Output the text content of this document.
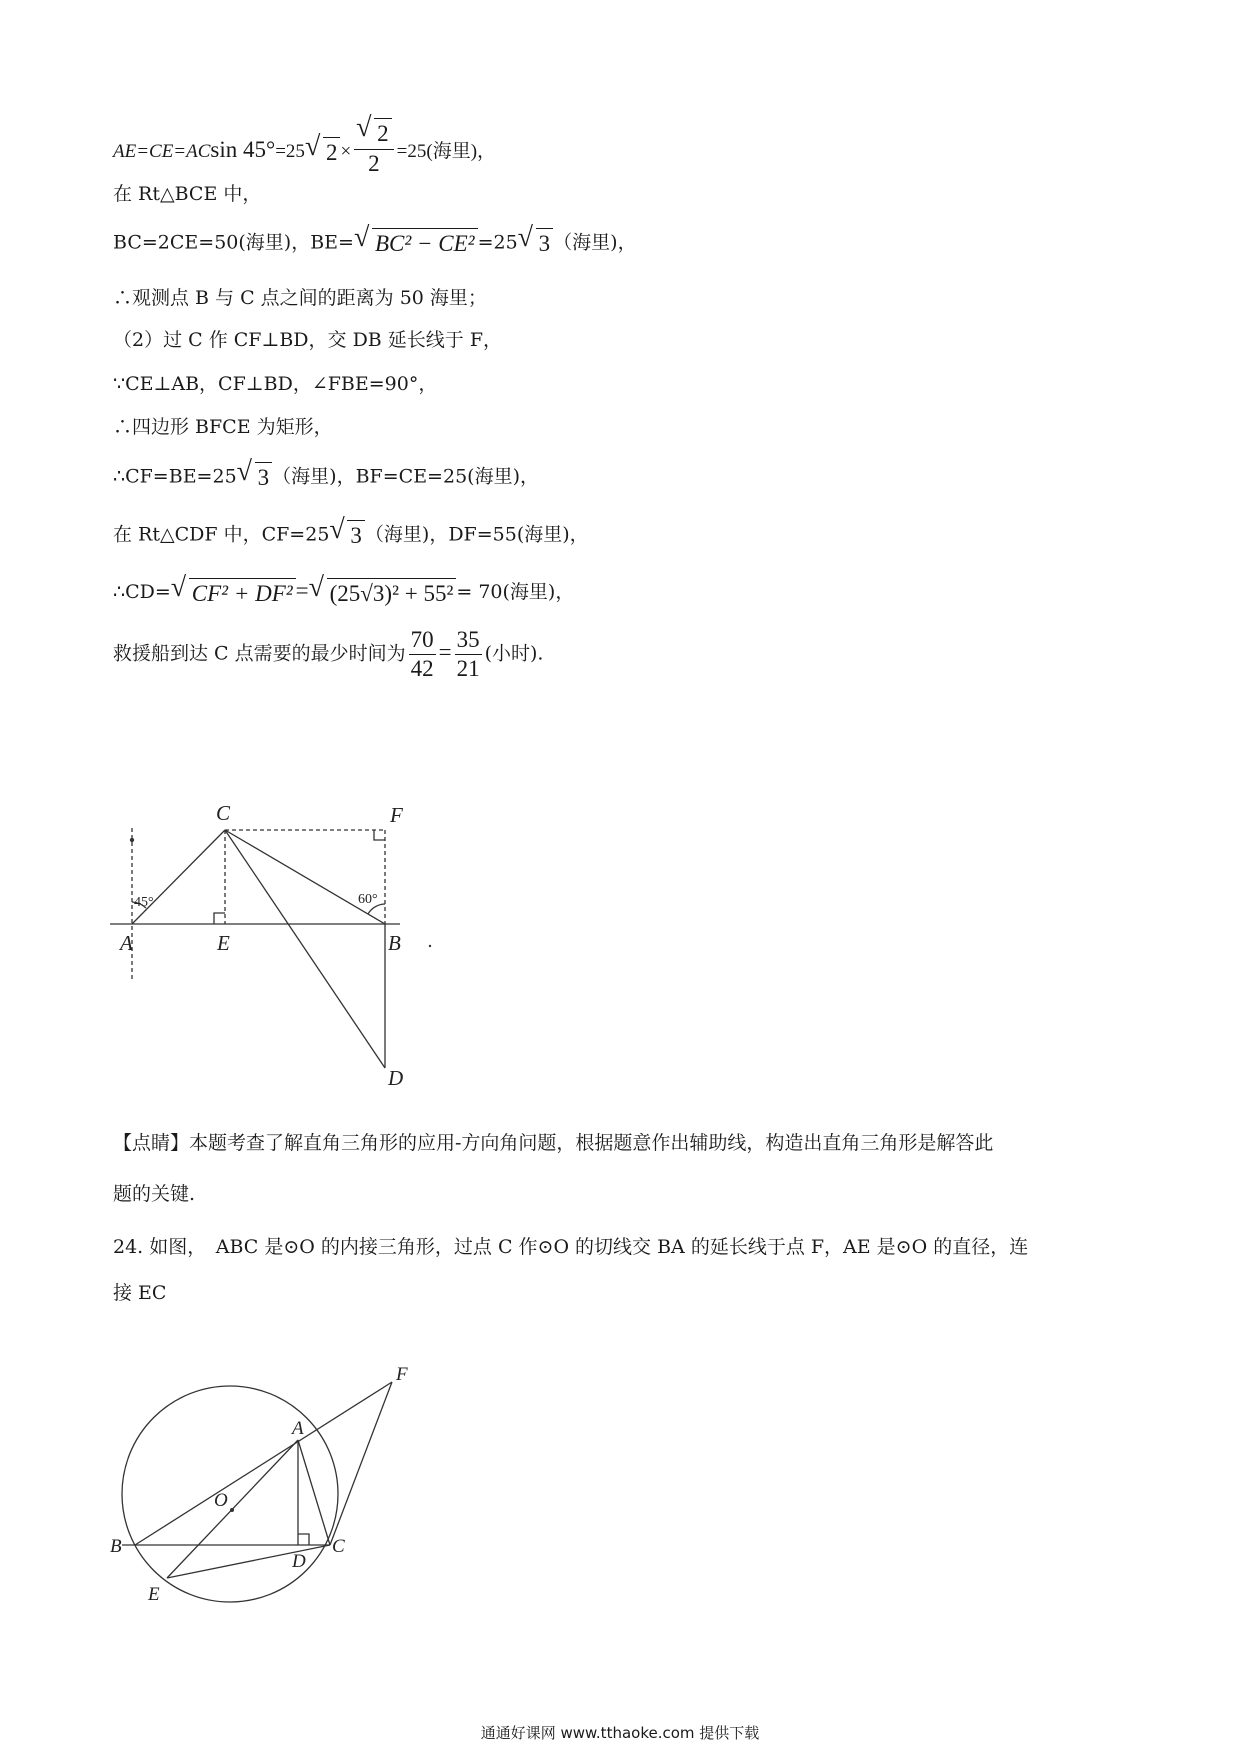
AE=CE=ACsin 45°=25 √ $2 \times \frac{√ 2}{2} =25$(海里)，
在 Rt△BCE 中，
BC=2CE=50(海里)，BE= √ BC² − CE² =25 √ 3 （海里)，
∴观测点 B 与 C 点之间的距离为 50 海里；
（2）过 C 作 CF⊥BD，交 DB 延长线于 F，
∵CE⊥AB，CF⊥BD，∠FBE=90°，
∴四边形 BFCE 为矩形，
∴CF=BE=25 √ 3 （海里)，BF=CE=25(海里)，
在 Rt△CDF 中，CF=25 √ 3 （海里)，DF=55(海里)，
∴CD= √ CF² + DF² = √ (25√3)² + 55² = 70(海里)，
救援船到达 C 点需要的最少时间为 $\frac{70}{42} = \frac{35}{21}$ (小时).
C	F
A	E	B
D
45°	60°
【点睛】本题考查了解直角三角形的应用-方向角问题，根据题意作出辅助线，构造出直角三角形是解答此
题的关键.
24. 如图，　ABC 是⊙O 的内接三角形，过点 C 作⊙O 的切线交 BA 的延长线于点 F，AE 是⊙O 的直径，连
接 EC
F
A
O
B
D
C
E
通通好课网 www.tthaoke.com 提供下载
